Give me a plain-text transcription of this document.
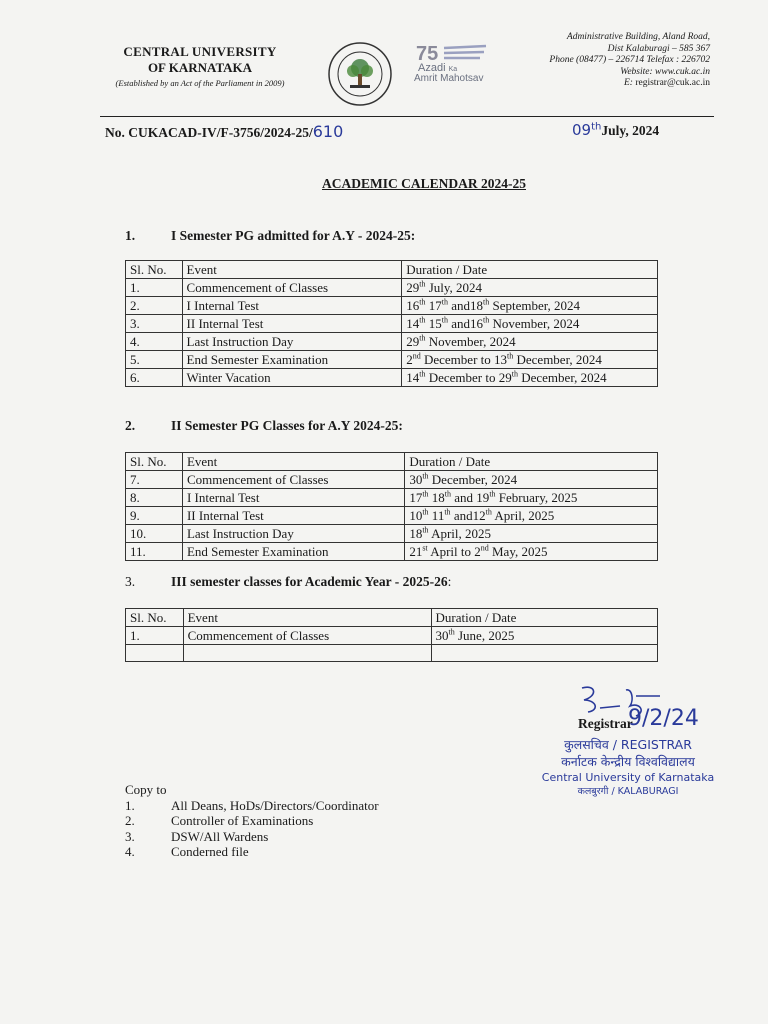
CENTRAL UNIVERSITY
OF KARNATAKA
(Established by an Act of the Parliament in 2009)
75
Azadi Ka
Amrit Mahotsav
Administrative Building, Aland Road,
Dist Kalaburagi – 585 367
Phone (08477) – 226714 Telefax : 226702
Website: www.cuk.ac.in
E: registrar@cuk.ac.in
No. CUKACAD-IV/F-3756/2024-25/610	09thJuly, 2024
ACADEMIC CALENDAR 2024-25
1.	I Semester PG admitted for A.Y - 2024-25:
Sl. No.	Event	Duration / Date
1.	Commencement of Classes	29th July, 2024
2.	I Internal Test	16th 17th and18th September, 2024
3.	II Internal Test	14th 15th and16th November, 2024
4.	Last Instruction Day	29th November, 2024
5.	End Semester Examination	2nd December to 13th December, 2024
6.	Winter Vacation	14th December to 29th December, 2024
2.	II Semester PG Classes for A.Y 2024-25:
Sl. No.	Event	Duration / Date
7.	Commencement of Classes	30th December, 2024
8.	I Internal Test	17th 18th and 19th February, 2025
9.	II Internal Test	10th 11th and12th April, 2025
10.	Last Instruction Day	18th April, 2025
11.	End Semester Examination	21st April to 2nd May, 2025
3.	III semester classes for Academic Year - 2025-26:
Sl. No.	Event	Duration / Date
1.	Commencement of Classes	30th June, 2025

Registrar
9/2/24
कुलसचिव / REGISTRAR
कर्नाटक केन्द्रीय विश्वविद्यालय
Central University of Karnataka
कलबुरगी / KALABURAGI
Copy to
1.	All Deans, HoDs/Directors/Coordinator
2.	Controller of Examinations
3.	DSW/All Wardens
4.	Condernеd file
